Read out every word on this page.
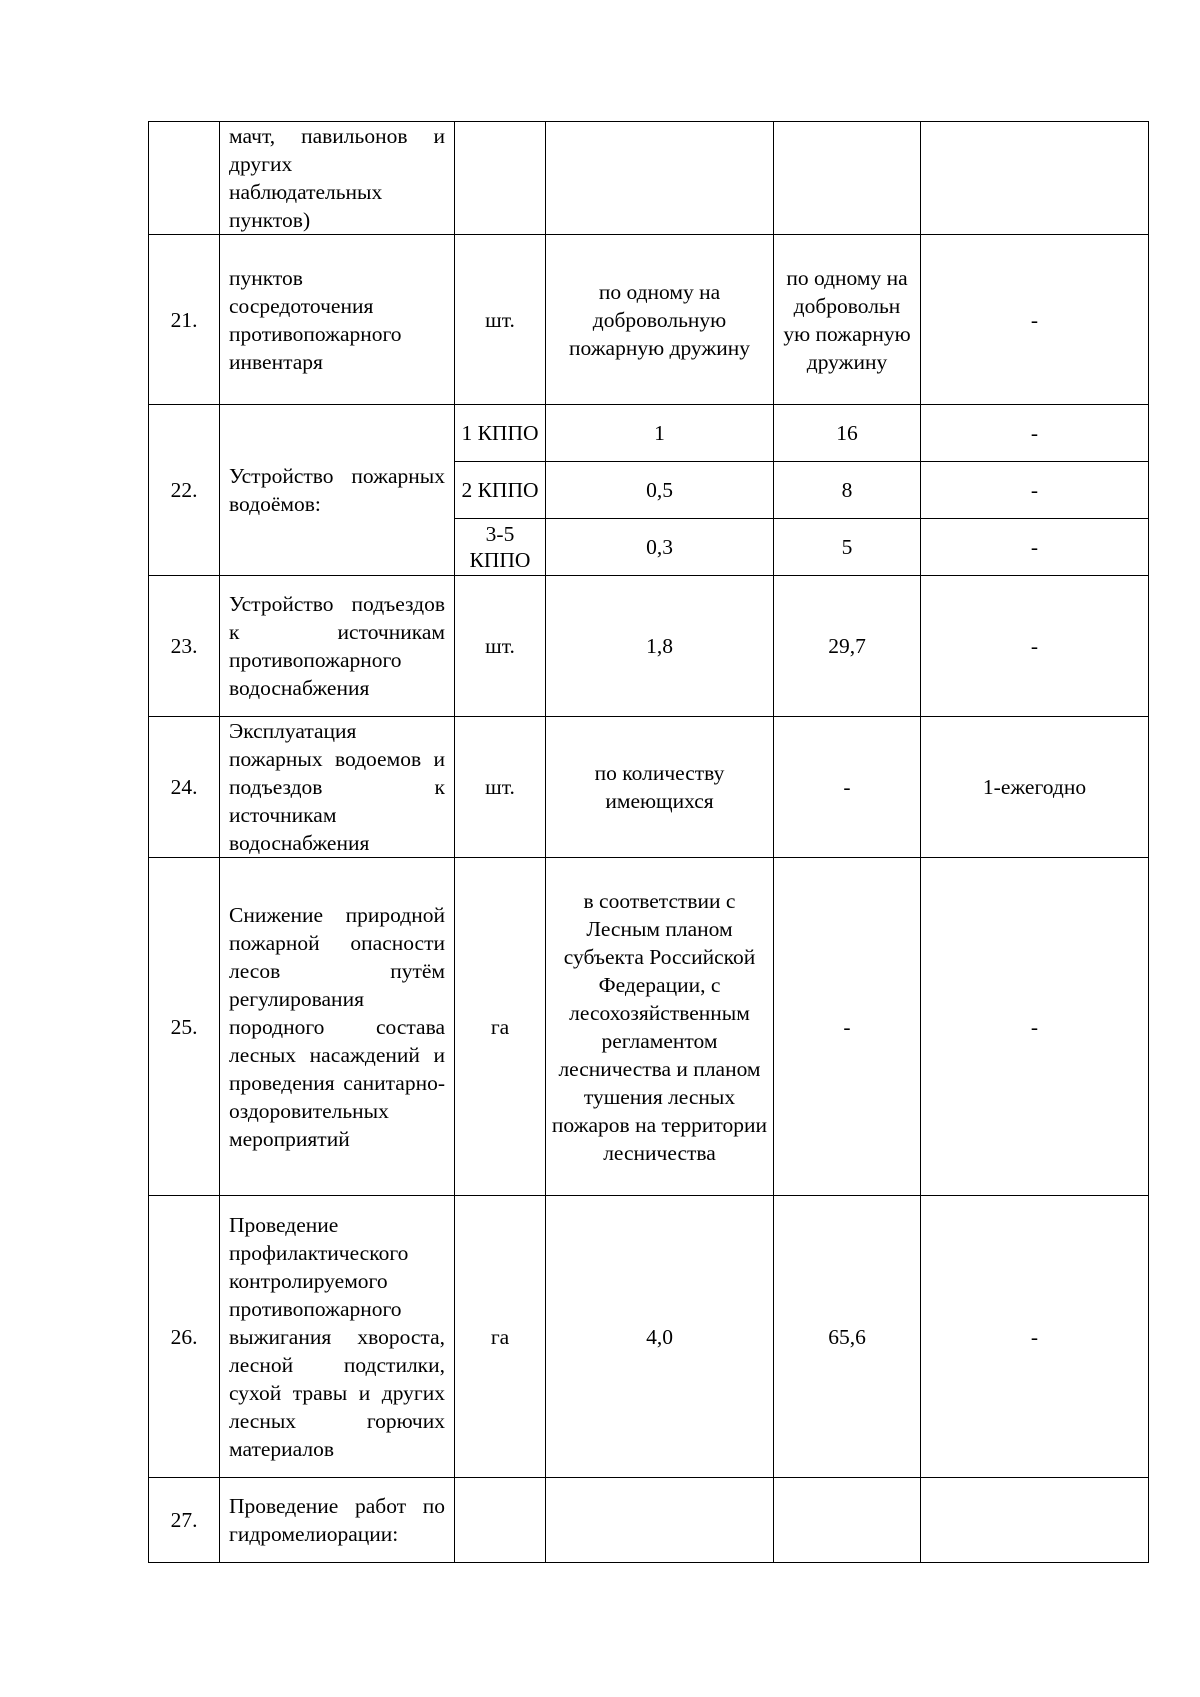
	мачт, павильонов и других наблюдательных пунктов)				
21.	пунктов сосредоточения противопожарного инвентаря	шт.	по одному на добровольную пожарную дружину	по одному на добровольн ую пожарную дружину	-
22.	Устройство пожарных водоёмов:	1 КППО	1	16	-
		2 КППО	0,5	8	-
		3-5 КППО	0,3	5	-
23.	Устройство подъездов к источникам противопожарного водоснабжения	шт.	1,8	29,7	-
24.	Эксплуатация пожарных водоемов и подъездов к источникам водоснабжения	шт.	по количеству имеющихся	-	1-ежегодно
25.	Снижение природной пожарной опасности лесов путём регулирования породного состава лесных насаждений и проведения санитарно-оздоровительных мероприятий	га	в соответствии с Лесным планом субъекта Российской Федерации, с лесохозяйственным регламентом лесничества и планом тушения лесных пожаров на территории лесничества	-	-
26.	Проведение профилактического контролируемого противопожарного выжигания хвороста, лесной подстилки, сухой травы и других лесных горючих материалов	га	4,0	65,6	-
27.	Проведение работ по гидромелиорации:				
